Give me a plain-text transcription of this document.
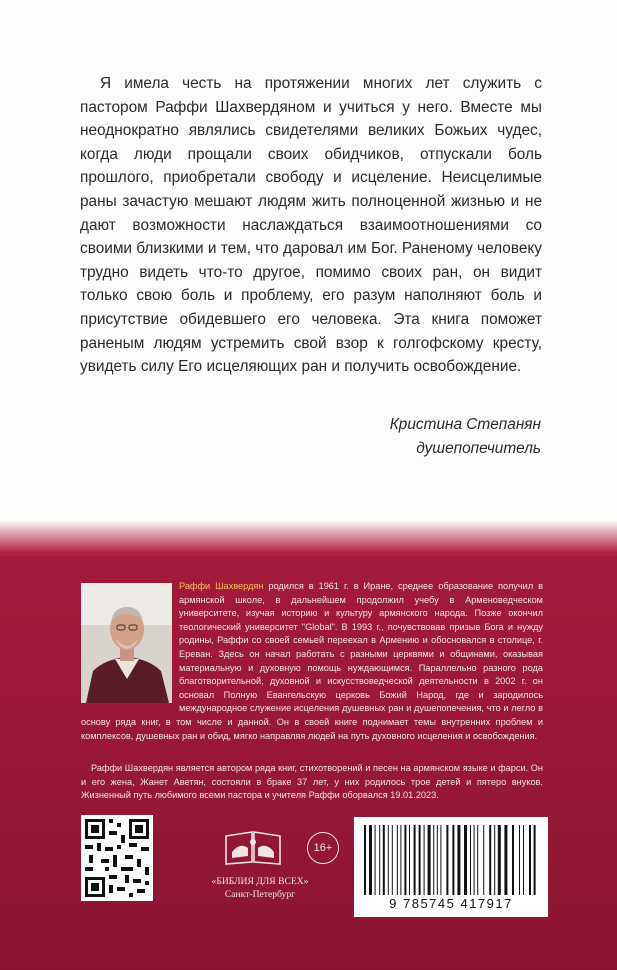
Я имела честь на протяжении многих лет служить с пастором Раффи Шахвердяном и учиться у него. Вместе мы неоднократно являлись свидетелями великих Божьих чудес, когда люди прощали своих обидчиков, отпускали боль прошлого, приобретали свободу и исцеление. Неисцелимые раны зачастую мешают людям жить полноценной жизнью и не дают возможности наслаждаться взаимоотношениями со своими близкими и тем, что даровал им Бог. Раненому человеку трудно видеть что-то другое, помимо своих ран, он видит только свою боль и проблему, его разум наполняют боль и присутствие обидевшего его человека. Эта книга поможет раненым людям устремить свой взор к голгофскому кресту, увидеть силу Его исцеляющих ран и получить освобождение.

Кристина Степанян
душепопечитель

Раффи Шахвердян родился в 1961 г. в Иране, среднее образование получил в армянской школе, в дальнейшем продолжил учебу в Арменоведческом университете, изучая историю и культуру армянского народа. Позже окончил теологический университет "Global". В 1993 г., почувствовав призыв Бога и нужду родины, Раффи со своей семьей переехал в Армению и обосновался в столице, г. Ереван. Здесь он начал работать с разными церквями и общинами, оказывая материальную и духовную помощь нуждающимся. Параллельно разного рода благотворительной, духовной и искусствоведческой деятельности в 2002 г. он основал Полную Евангельскую церковь Божий Народ, где и зародилось международное служение исцеления душевных ран и душепопечения, что и легло в основу ряда книг, в том числе и данной. Он в своей книге поднимает темы внутренних проблем и комплексов, душевных ран и обид, мягко направляя людей на путь духовного исцеления и освобождения.

Раффи Шахвердян является автором ряда книг, стихотворений и песен на армянском языке и фарси. Он и его жена, Жанет Аветян, состояли в браке 37 лет, у них родилось трое детей и пятеро внуков. Жизненный путь любимого всеми пастора и учителя Раффи оборвался 19.01.2023.

«БИБЛИЯ ДЛЯ ВСЕХ»
Санкт-Петербург
16+
9 785745 417917
